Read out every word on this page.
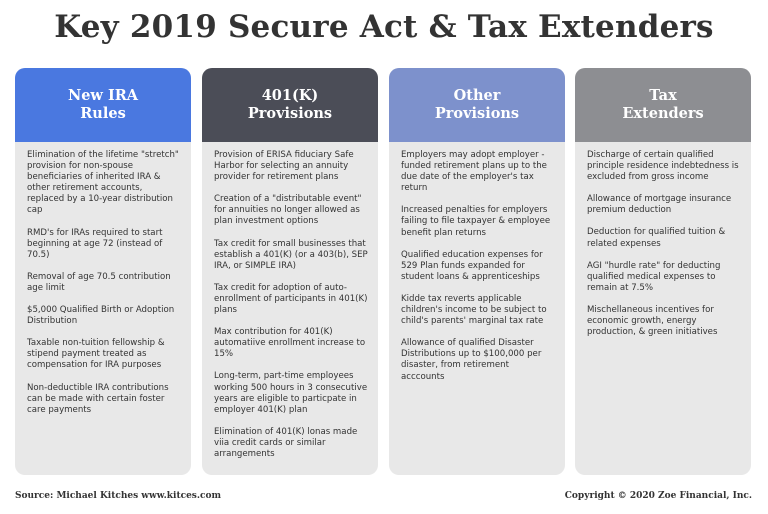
Key 2019 Secure Act & Tax Extenders
New IRA
Rules
Elimination of the lifetime "stretch" provision for non-spouse beneficiaries of inherited IRA & other retirement accounts, replaced by a 10-year distribution cap
RMD's for IRAs required to start beginning at age 72 (instead of 70.5)
Removal of age 70.5 contribution age limit
$5,000 Qualified Birth or Adoption Distribution
Taxable non-tuition fellowship & stipend payment treated as compensation for IRA purposes
Non-deductible IRA contributions can be made with certain foster care payments
401(K)
Provisions
Provision of ERISA fiduciary Safe Harbor for selecting an annuity provider for retirement plans
Creation of a "distributable event" for annuities no longer allowed as plan investment options
Tax credit for small businesses that establish a 401(K) (or a 403(b), SEP IRA, or SIMPLE IRA)
Tax credit for adoption of auto-enrollment of participants in 401(K) plans
Max contribution for 401(K) automatiive enrollment increase to 15%
Long-term, part-time employees working 500 hours in 3 consecutive years are eligible to particpate in employer 401(K) plan
Elimination of 401(K) lonas made viia credit cards or similar arrangements
Other
Provisions
Employers may adopt employer -funded retirement plans up to the due date of the employer's tax return
Increased penalties for employers failing to file taxpayer & employee benefit plan returns
Qualified education expenses for 529 Plan funds expanded for student loans & apprenticeships
Kidde tax reverts applicable children's income to be subject to child's parents' marginal tax rate
Allowance of qualified Disaster Distributions up to $100,000 per disaster, from retirement acccounts
Tax
Extenders
Discharge of certain qualified principle residence indebtedness is excluded from gross income
Allowance of mortgage insurance premium deduction
Deduction for qualified tuition & related expenses
AGI "hurdle rate" for deducting qualified medical expenses to remain at 7.5%
Mischellaneous incentives for economic growth, energy production, & green initiatives
Source: Michael Kitches www.kitces.com	Copyright © 2020 Zoe Financial, Inc.
